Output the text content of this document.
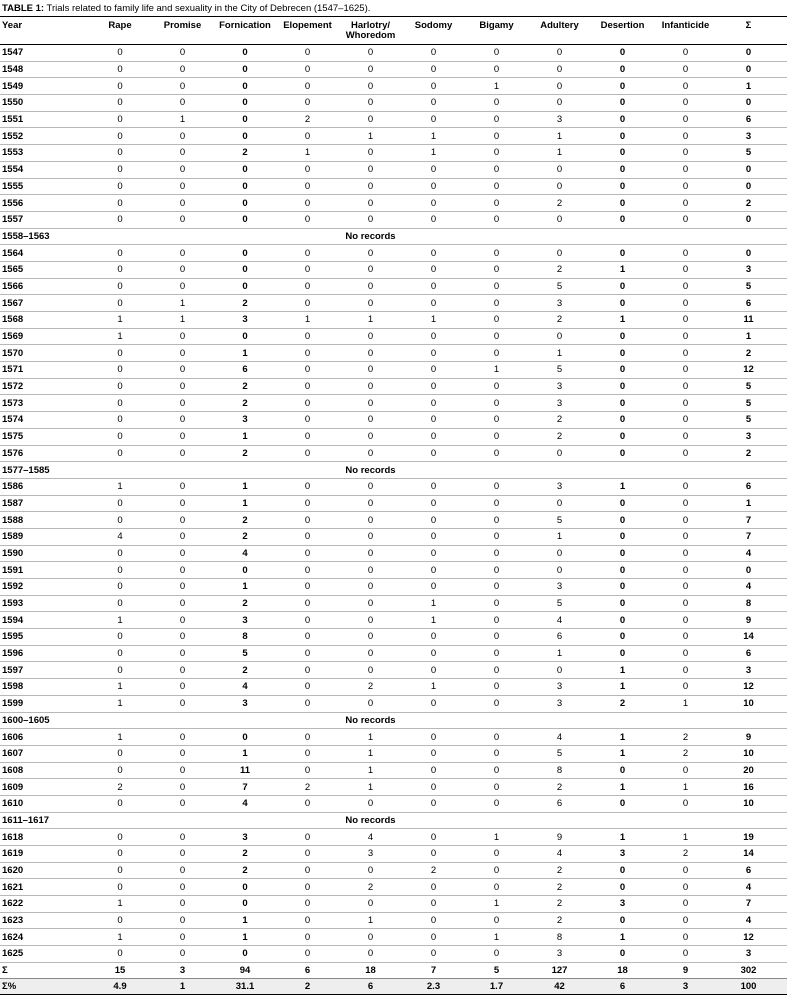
TABLE 1: Trials related to family life and sexuality in the City of Debrecen (1547–1625).
Year	Rape	Promise	Fornication	Elopement	Harlotry/
Whoredom	Sodomy	Bigamy	Adultery	Desertion	Infanticide	Σ
1547	0	0	0	0	0	0	0	0	0	0	0
1548	0	0	0	0	0	0	0	0	0	0	0
1549	0	0	0	0	0	0	1	0	0	0	1
1550	0	0	0	0	0	0	0	0	0	0	0
1551	0	1	0	2	0	0	0	3	0	0	6
1552	0	0	0	0	1	1	0	1	0	0	3
1553	0	0	2	1	0	1	0	1	0	0	5
1554	0	0	0	0	0	0	0	0	0	0	0
1555	0	0	0	0	0	0	0	0	0	0	0
1556	0	0	0	0	0	0	0	2	0	0	2
1557	0	0	0	0	0	0	0	0	0	0	0
1558–1563					No records						
1564	0	0	0	0	0	0	0	0	0	0	0
1565	0	0	0	0	0	0	0	2	1	0	3
1566	0	0	0	0	0	0	0	5	0	0	5
1567	0	1	2	0	0	0	0	3	0	0	6
1568	1	1	3	1	1	1	0	2	1	0	11
1569	1	0	0	0	0	0	0	0	0	0	1
1570	0	0	1	0	0	0	0	1	0	0	2
1571	0	0	6	0	0	0	1	5	0	0	12
1572	0	0	2	0	0	0	0	3	0	0	5
1573	0	0	2	0	0	0	0	3	0	0	5
1574	0	0	3	0	0	0	0	2	0	0	5
1575	0	0	1	0	0	0	0	2	0	0	3
1576	0	0	2	0	0	0	0	0	0	0	2
1577–1585					No records						
1586	1	0	1	0	0	0	0	3	1	0	6
1587	0	0	1	0	0	0	0	0	0	0	1
1588	0	0	2	0	0	0	0	5	0	0	7
1589	4	0	2	0	0	0	0	1	0	0	7
1590	0	0	4	0	0	0	0	0	0	0	4
1591	0	0	0	0	0	0	0	0	0	0	0
1592	0	0	1	0	0	0	0	3	0	0	4
1593	0	0	2	0	0	1	0	5	0	0	8
1594	1	0	3	0	0	1	0	4	0	0	9
1595	0	0	8	0	0	0	0	6	0	0	14
1596	0	0	5	0	0	0	0	1	0	0	6
1597	0	0	2	0	0	0	0	0	1	0	3
1598	1	0	4	0	2	1	0	3	1	0	12
1599	1	0	3	0	0	0	0	3	2	1	10
1600–1605					No records						
1606	1	0	0	0	1	0	0	4	1	2	9
1607	0	0	1	0	1	0	0	5	1	2	10
1608	0	0	11	0	1	0	0	8	0	0	20
1609	2	0	7	2	1	0	0	2	1	1	16
1610	0	0	4	0	0	0	0	6	0	0	10
1611–1617					No records						
1618	0	0	3	0	4	0	1	9	1	1	19
1619	0	0	2	0	3	0	0	4	3	2	14
1620	0	0	2	0	0	2	0	2	0	0	6
1621	0	0	0	0	2	0	0	2	0	0	4
1622	1	0	0	0	0	0	1	2	3	0	7
1623	0	0	1	0	1	0	0	2	0	0	4
1624	1	0	1	0	0	0	1	8	1	0	12
1625	0	0	0	0	0	0	0	3	0	0	3
Σ	15	3	94	6	18	7	5	127	18	9	302
Σ%	4.9	1	31.1	2	6	2.3	1.7	42	6	3	100
